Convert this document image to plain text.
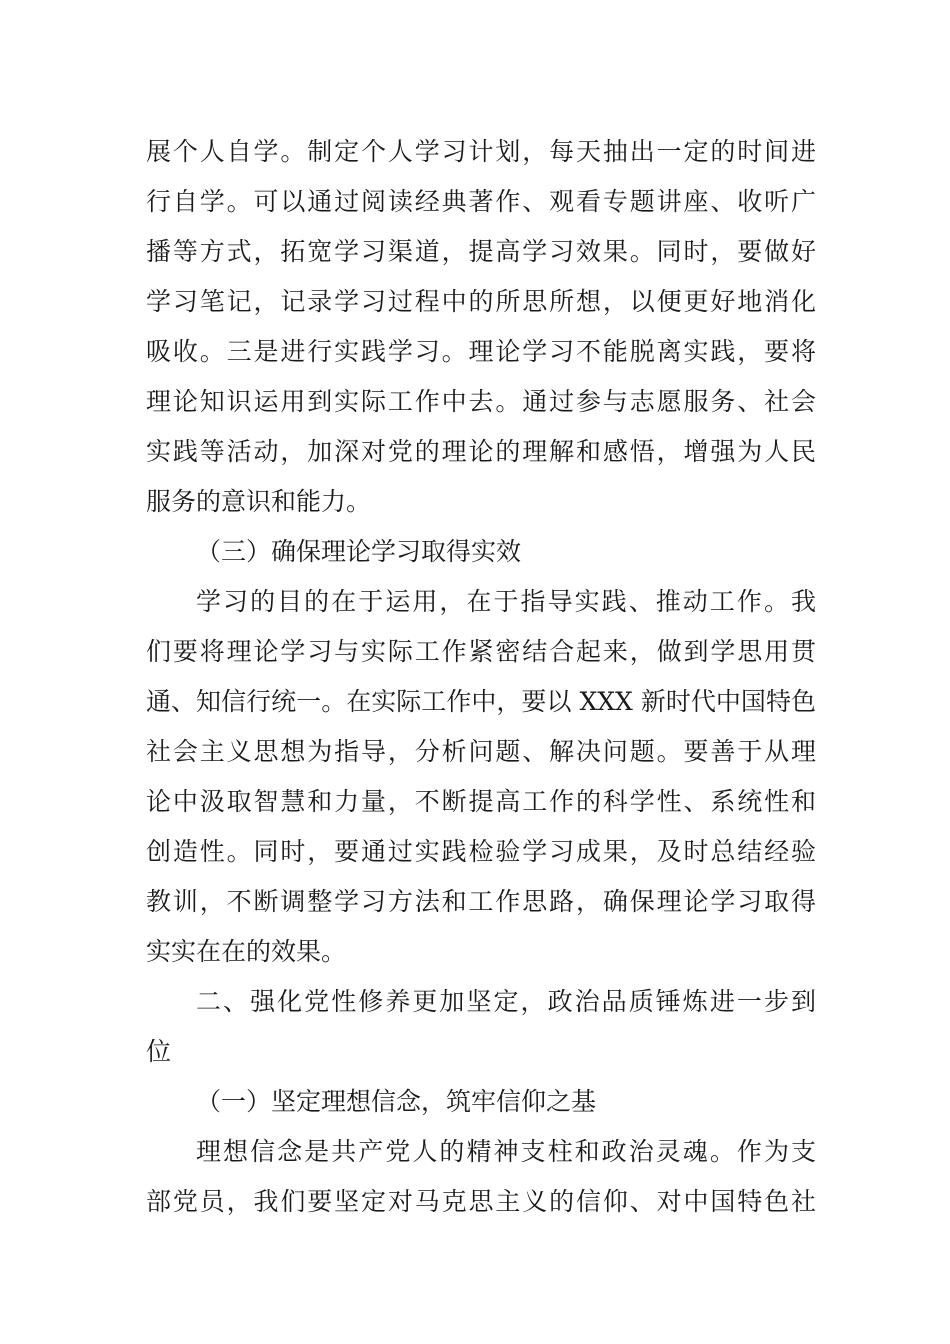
展个人自学。制定个人学习计划，每天抽出一定的时间进
行自学。可以通过阅读经典著作、观看专题讲座、收听广
播等方式，拓宽学习渠道，提高学习效果。同时，要做好
学习笔记，记录学习过程中的所思所想，以便更好地消化
吸收。三是进行实践学习。理论学习不能脱离实践，要将
理论知识运用到实际工作中去。通过参与志愿服务、社会
实践等活动，加深对党的理论的理解和感悟，增强为人民
服务的意识和能力。
（三）确保理论学习取得实效
学习的目的在于运用，在于指导实践、推动工作。我
们要将理论学习与实际工作紧密结合起来，做到学思用贯
通、知信行统一。在实际工作中，要以 XXX 新时代中国特色
社会主义思想为指导，分析问题、解决问题。要善于从理
论中汲取智慧和力量，不断提高工作的科学性、系统性和
创造性。同时，要通过实践检验学习成果，及时总结经验
教训，不断调整学习方法和工作思路，确保理论学习取得
实实在在的效果。
二、强化党性修养更加坚定，政治品质锤炼进一步到
位
（一）坚定理想信念，筑牢信仰之基
理想信念是共产党人的精神支柱和政治灵魂。作为支
部党员，我们要坚定对马克思主义的信仰、对中国特色社
